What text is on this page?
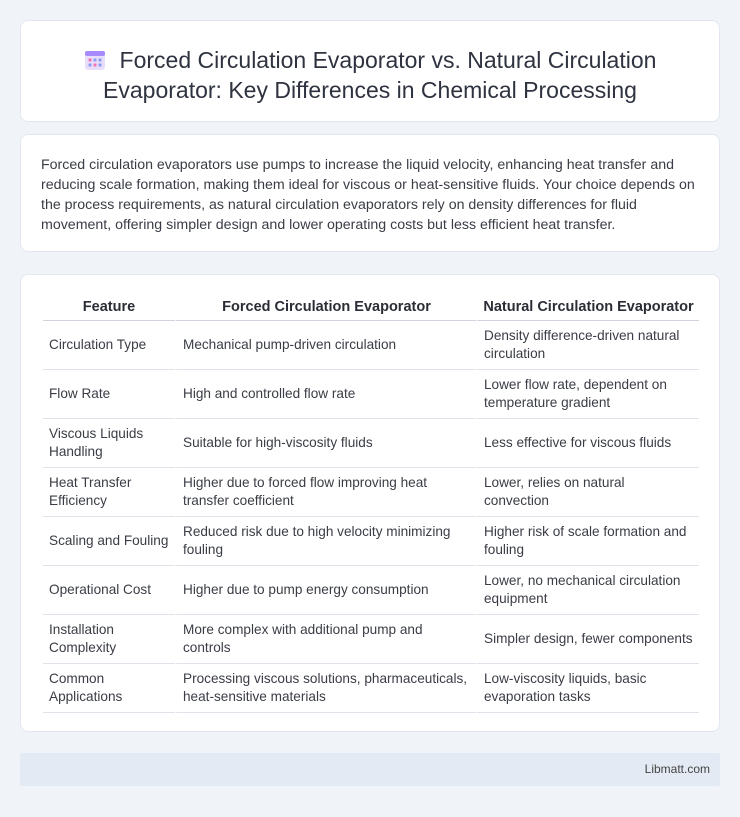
Forced Circulation Evaporator vs. Natural Circulation Evaporator: Key Differences in Chemical Processing

Forced circulation evaporators use pumps to increase the liquid velocity, enhancing heat transfer and reducing scale formation, making them ideal for viscous or heat-sensitive fluids. Your choice depends on the process requirements, as natural circulation evaporators rely on density differences for fluid movement, offering simpler design and lower operating costs but less efficient heat transfer.

Feature	Forced Circulation Evaporator	Natural Circulation Evaporator
Circulation Type	Mechanical pump-driven circulation	Density difference-driven natural circulation
Flow Rate	High and controlled flow rate	Lower flow rate, dependent on temperature gradient
Viscous Liquids Handling	Suitable for high-viscosity fluids	Less effective for viscous fluids
Heat Transfer Efficiency	Higher due to forced flow improving heat transfer coefficient	Lower, relies on natural convection
Scaling and Fouling	Reduced risk due to high velocity minimizing fouling	Higher risk of scale formation and fouling
Operational Cost	Higher due to pump energy consumption	Lower, no mechanical circulation equipment
Installation Complexity	More complex with additional pump and controls	Simpler design, fewer components
Common Applications	Processing viscous solutions, pharmaceuticals, heat-sensitive materials	Low-viscosity liquids, basic evaporation tasks
Libmatt.com
